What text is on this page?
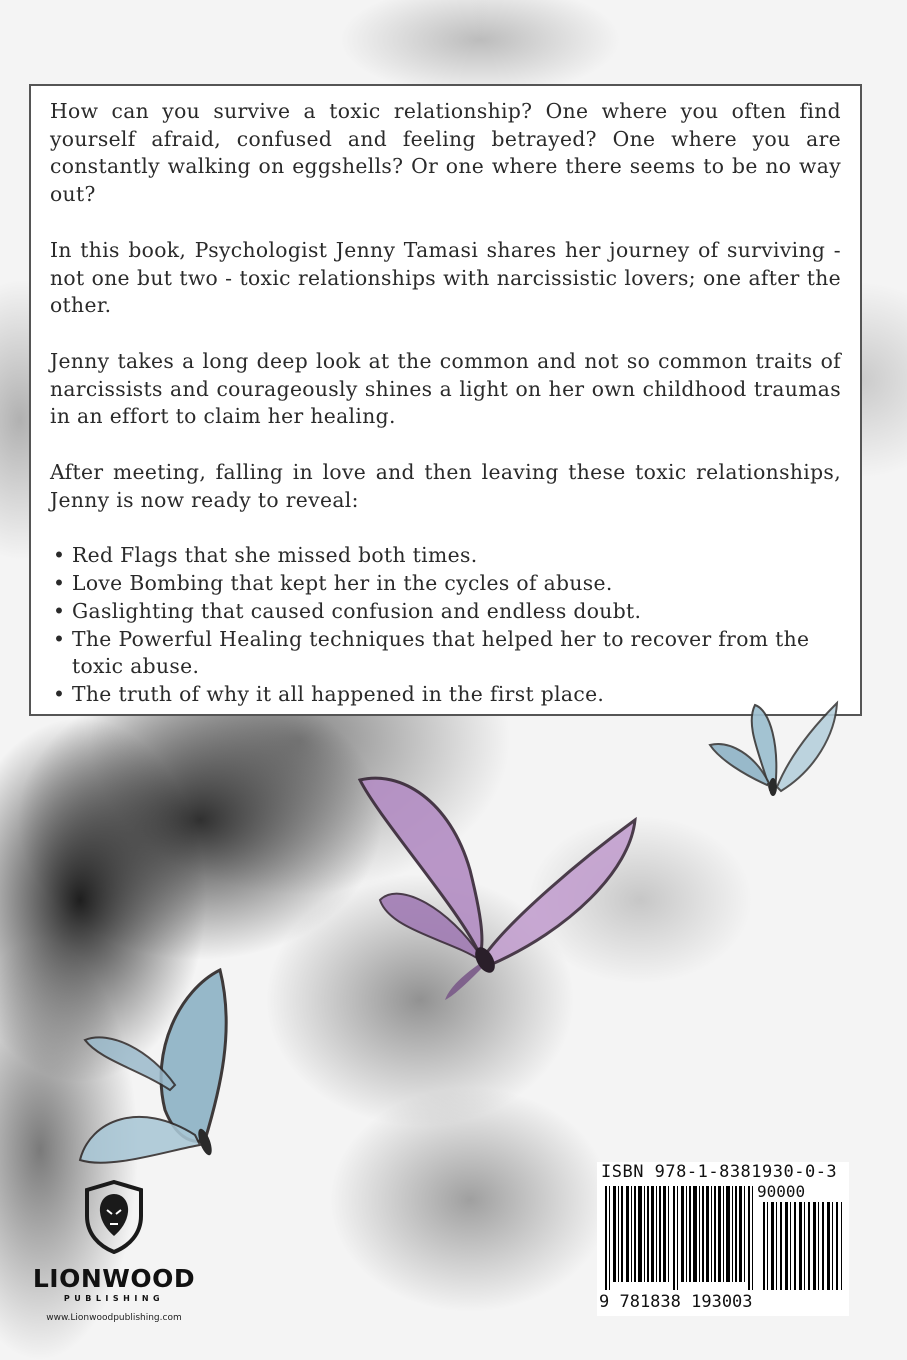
How can you survive a toxic relationship? One where you often find yourself afraid, confused and feeling betrayed? One where you are constantly walking on eggshells? Or one where there seems to be no way out?

In this book, Psychologist Jenny Tamasi shares her journey of surviving - not one but two - toxic relationships with narcissistic lovers; one after the other.

Jenny takes a long deep look at the common and not so common traits of narcissists and courageously shines a light on her own childhood traumas in an effort to claim her healing.

After meeting, falling in love and then leaving these toxic relationships, Jenny is now ready to reveal:

• Red Flags that she missed both times.
• Love Bombing that kept her in the cycles of abuse.
• Gaslighting that caused confusion and endless doubt.
• The Powerful Healing techniques that helped her to recover from the toxic abuse.
• The truth of why it all happened in the first place.
ISBN 978-1-8381930-0-3
90000
9 781838 193003
LIONWOOD
PUBLISHING
www.Lionwoodpublishing.com
